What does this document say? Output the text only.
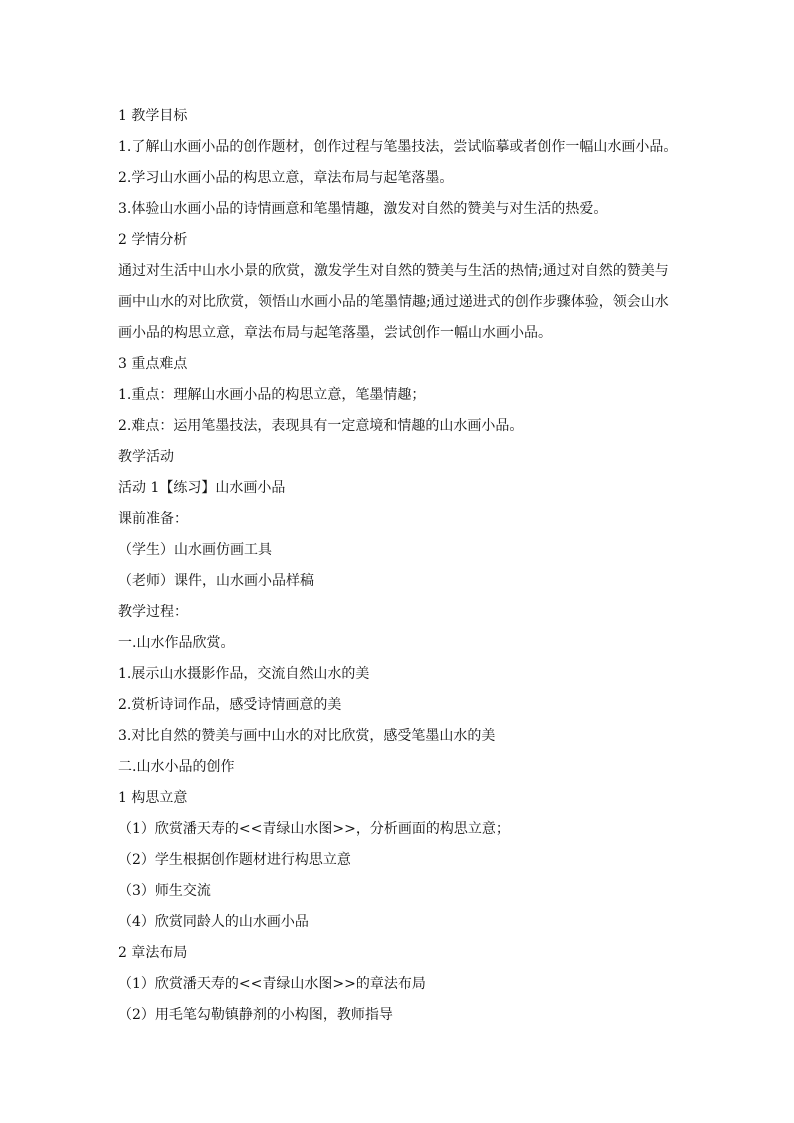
1 教学目标
1.了解山水画小品的创作题材，创作过程与笔墨技法，尝试临摹或者创作一幅山水画小品。
2.学习山水画小品的构思立意，章法布局与起笔落墨。
3.体验山水画小品的诗情画意和笔墨情趣，激发对自然的赞美与对生活的热爱。
2 学情分析
通过对生活中山水小景的欣赏，激发学生对自然的赞美与生活的热情;通过对自然的赞美与
画中山水的对比欣赏，领悟山水画小品的笔墨情趣;通过递进式的创作步骤体验，领会山水
画小品的构思立意，章法布局与起笔落墨，尝试创作一幅山水画小品。
3 重点难点
1.重点：理解山水画小品的构思立意，笔墨情趣；
2.难点：运用笔墨技法，表现具有一定意境和情趣的山水画小品。
教学活动
活动 1【练习】山水画小品
课前准备：
（学生）山水画仿画工具
（老师）课件，山水画小品样稿
教学过程：
一.山水作品欣赏。
1.展示山水摄影作品，交流自然山水的美
2.赏析诗词作品，感受诗情画意的美
3.对比自然的赞美与画中山水的对比欣赏，感受笔墨山水的美
二.山水小品的创作
1 构思立意
（1）欣赏潘天寿的<<青绿山水图>>，分析画面的构思立意；
（2）学生根据创作题材进行构思立意
（3）师生交流
（4）欣赏同龄人的山水画小品
2 章法布局
（1）欣赏潘天寿的<<青绿山水图>>的章法布局
（2）用毛笔勾勒镇静剂的小构图，教师指导
